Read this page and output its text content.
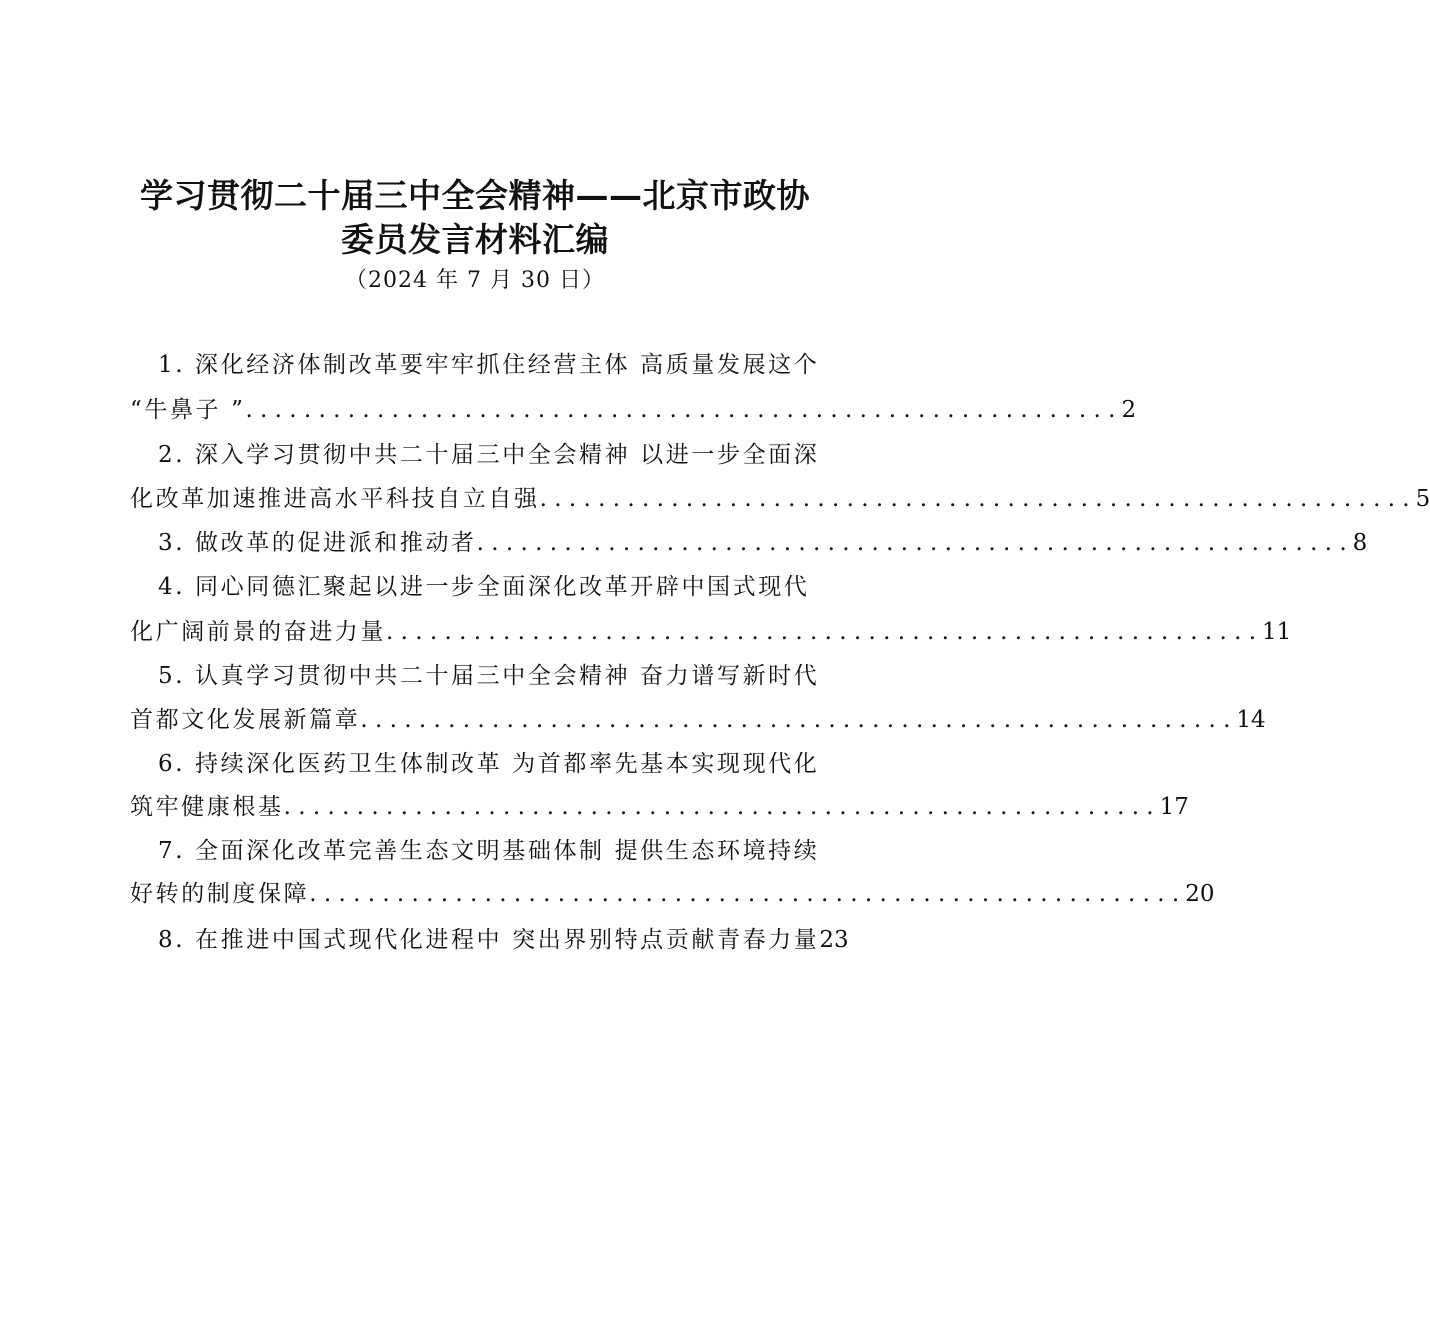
学习贯彻二十届三中全会精神——北京市政协
委员发言材料汇编
（2024 年 7 月 30 日）
1. 深化经济体制改革要牢牢抓住经营主体 高质量发展这个
“牛鼻子 ” . . . . . . . . . . . . . . . . . . . . . . . . . . . . . . . . . . . . . . . . . . . . . . . . . . . . . . . . . . . . 2
2. 深入学习贯彻中共二十届三中全会精神 以进一步全面深
化改革加速推进高水平科技自立自强 . . . . . . . . . . . . . . . . . . . . . . . . . . . . . . . . . . . . . . . . . . . . . . . . . . . . . . . . . . . . 5
3. 做改革的促进派和推动者 . . . . . . . . . . . . . . . . . . . . . . . . . . . . . . . . . . . . . . . . . . . . . . . . . . . . . . . . . . . . 8
4. 同心同德汇聚起以进一步全面深化改革开辟中国式现代
化广阔前景的奋进力量 . . . . . . . . . . . . . . . . . . . . . . . . . . . . . . . . . . . . . . . . . . . . . . . . . . . . . . . . . . . . 11
5. 认真学习贯彻中共二十届三中全会精神 奋力谱写新时代
首都文化发展新篇章 . . . . . . . . . . . . . . . . . . . . . . . . . . . . . . . . . . . . . . . . . . . . . . . . . . . . . . . . . . . . 14
6. 持续深化医药卫生体制改革 为首都率先基本实现现代化
筑牢健康根基 . . . . . . . . . . . . . . . . . . . . . . . . . . . . . . . . . . . . . . . . . . . . . . . . . . . . . . . . . . . . 17
7. 全面深化改革完善生态文明基础体制 提供生态环境持续
好转的制度保障 . . . . . . . . . . . . . . . . . . . . . . . . . . . . . . . . . . . . . . . . . . . . . . . . . . . . . . . . . . . . 20
8. 在推进中国式现代化进程中 突出界别特点贡献青春力量 23
